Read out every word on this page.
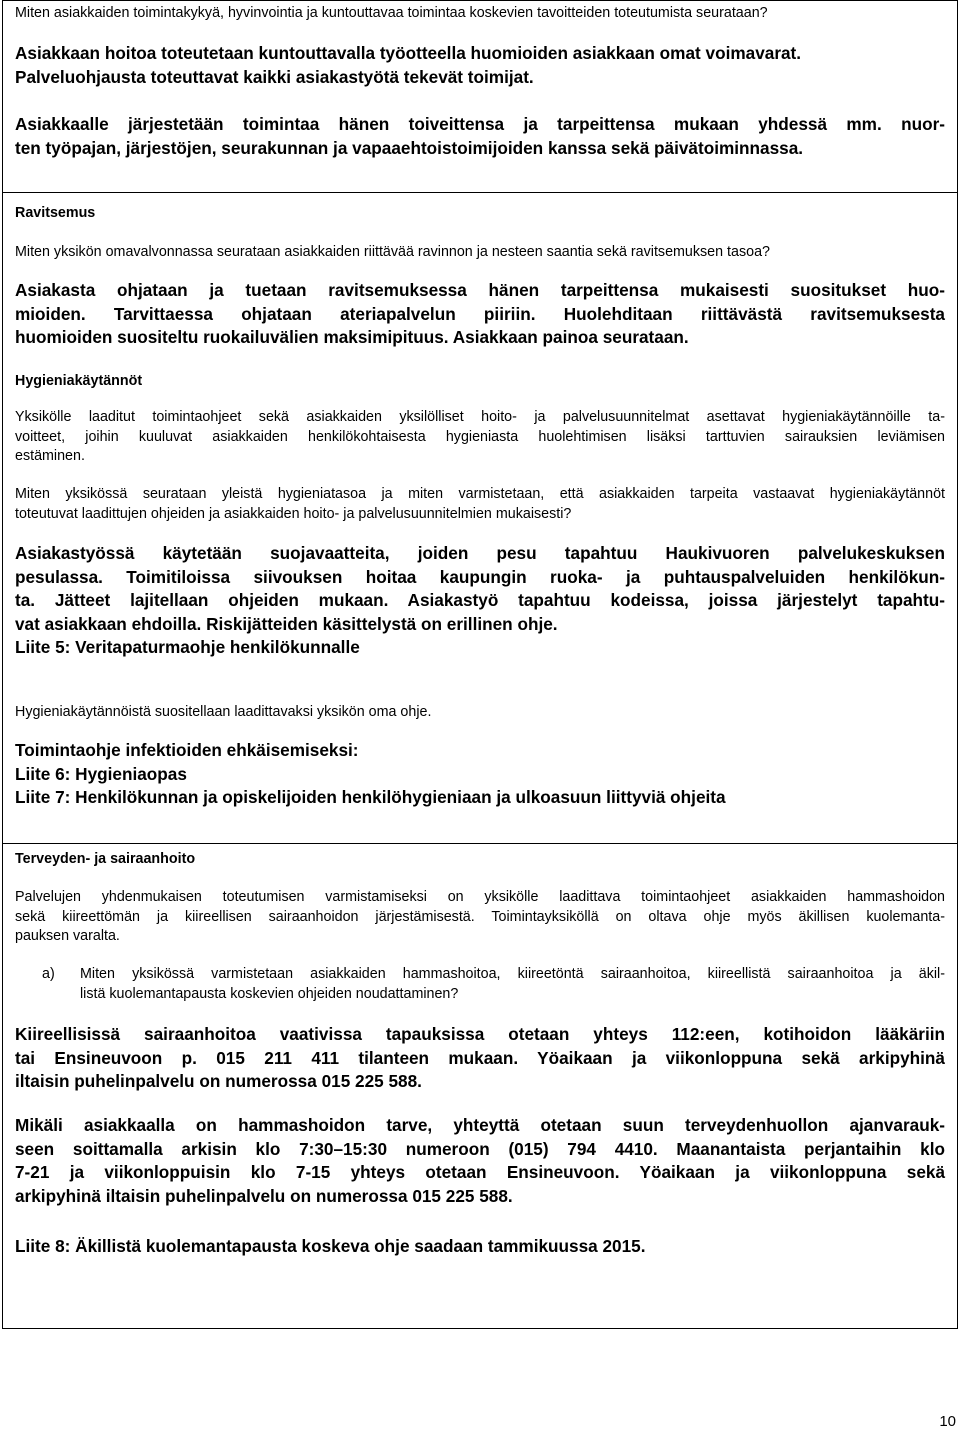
Miten asiakkaiden toimintakykyä, hyvinvointia ja kuntouttavaa toimintaa koskevien tavoitteiden toteutumista seurataan?

Asiakkaan hoitoa toteutetaan kuntouttavalla työotteella huomioiden asiakkaan omat voimavarat.
Palveluohjausta toteuttavat kaikki asiakastyötä tekevät toimijat.

Asiakkaalle järjestetään toimintaa hänen toiveittensa ja tarpeittensa mukaan yhdessä mm. nuor-
ten työpajan, järjestöjen, seurakunnan ja vapaaehtoistoimijoiden kanssa sekä päivätoiminnassa.

Ravitsemus

Miten yksikön omavalvonnassa seurataan asiakkaiden riittävää ravinnon ja nesteen saantia sekä ravitsemuksen tasoa?

Asiakasta ohjataan ja tuetaan ravitsemuksessa hänen tarpeittensa mukaisesti suositukset huo-
mioiden. Tarvittaessa ohjataan ateriapalvelun piiriin. Huolehditaan riittävästä ravitsemuksesta
huomioiden suositeltu ruokailuvälien maksimipituus. Asiakkaan painoa seurataan.

Hygieniakäytännöt

Yksikölle laaditut toimintaohjeet sekä asiakkaiden yksilölliset hoito- ja palvelusuunnitelmat asettavat hygieniakäytännöille ta-
voitteet, joihin kuuluvat asiakkaiden henkilökohtaisesta hygieniasta huolehtimisen lisäksi tarttuvien sairauksien leviämisen
estäminen.

Miten yksikössä seurataan yleistä hygieniatasoa ja miten varmistetaan, että asiakkaiden tarpeita vastaavat hygieniakäytännöt
toteutuvat laadittujen ohjeiden ja asiakkaiden hoito- ja palvelusuunnitelmien mukaisesti?

Asiakastyössä käytetään suojavaatteita, joiden pesu tapahtuu Haukivuoren palvelukeskuksen
pesulassa. Toimitiloissa siivouksen hoitaa kaupungin ruoka- ja puhtauspalveluiden henkilökun-
ta. Jätteet lajitellaan ohjeiden mukaan. Asiakastyö tapahtuu kodeissa, joissa järjestelyt tapahtu-
vat asiakkaan ehdoilla. Riskijätteiden käsittelystä on erillinen ohje.
Liite 5: Veritapaturmaohje henkilökunnalle

Hygieniakäytännöistä suositellaan laadittavaksi yksikön oma ohje.

Toimintaohje infektioiden ehkäisemiseksi:
Liite 6: Hygieniaopas
Liite 7: Henkilökunnan ja opiskelijoiden henkilöhygieniaan ja ulkoasuun liittyviä ohjeita

Terveyden- ja sairaanhoito

Palvelujen yhdenmukaisen toteutumisen varmistamiseksi on yksikölle laadittava toimintaohjeet asiakkaiden hammashoidon
sekä kiireettömän ja kiireellisen sairaanhoidon järjestämisestä. Toimintayksiköllä on oltava ohje myös äkillisen kuolemanta-
pauksen varalta.

a) Miten yksikössä varmistetaan asiakkaiden hammashoitoa, kiireetöntä sairaanhoitoa, kiireellistä sairaanhoitoa ja äkil-
listä kuolemantapausta koskevien ohjeiden noudattaminen?

Kiireellisissä sairaanhoitoa vaativissa tapauksissa otetaan yhteys 112:een, kotihoidon lääkäriin
tai Ensineuvoon p. 015 211 411 tilanteen mukaan. Yöaikaan ja viikonloppuna sekä arkipyhinä
iltaisin puhelinpalvelu on numerossa 015 225 588.

Mikäli asiakkaalla on hammashoidon tarve, yhteyttä otetaan suun terveydenhuollon ajanvarauk-
seen soittamalla arkisin klo 7:30–15:30 numeroon (015) 794 4410. Maanantaista perjantaihin klo
7-21 ja viikonloppuisin klo 7-15 yhteys otetaan Ensineuvoon. Yöaikaan ja viikonloppuna sekä
arkipyhinä iltaisin puhelinpalvelu on numerossa 015 225 588.

Liite 8: Äkillistä kuolemantapausta koskeva ohje saadaan tammikuussa 2015.

10
